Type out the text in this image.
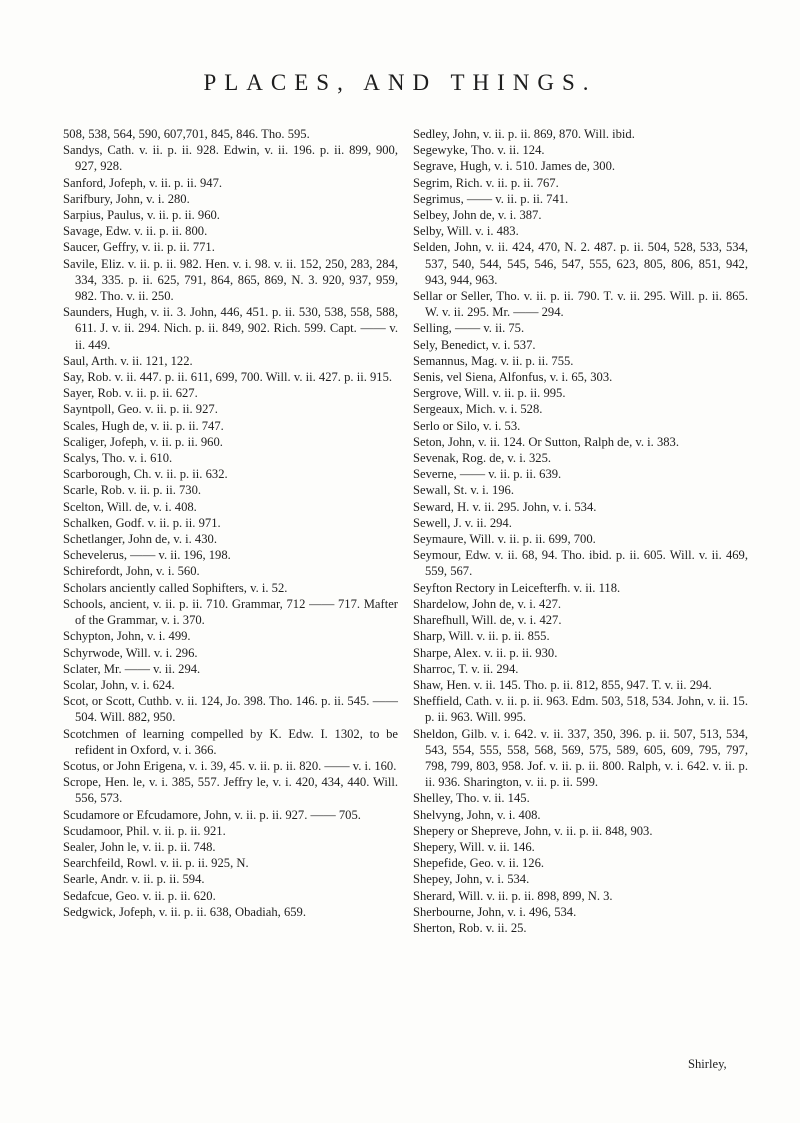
PLACES, AND THINGS.

508, 538, 564, 590, 607,701, 845, 846. Tho. 595.

Sandys, Cath. v. ii. p. ii. 928. Edwin, v. ii. 196. p. ii. 899, 900, 927, 928.

Sanford, Jofeph, v. ii. p. ii. 947.

Sarifbury, John, v. i. 280.

Sarpius, Paulus, v. ii. p. ii. 960.

Savage, Edw. v. ii. p. ii. 800.

Saucer, Geffry, v. ii. p. ii. 771.

Savile, Eliz. v. ii. p. ii. 982. Hen. v. i. 98. v. ii. 152, 250, 283, 284, 334, 335. p. ii. 625, 791, 864, 865, 869, N. 3. 920, 937, 959, 982. Tho. v. ii. 250.

Saunders, Hugh, v. ii. 3. John, 446, 451. p. ii. 530, 538, 558, 588, 611. J. v. ii. 294. Nich. p. ii. 849, 902. Rich. 599. Capt. —— v. ii. 449.

Saul, Arth. v. ii. 121, 122.

Say, Rob. v. ii. 447. p. ii. 611, 699, 700. Will. v. ii. 427. p. ii. 915.

Sayer, Rob. v. ii. p. ii. 627.

Sayntpoll, Geo. v. ii. p. ii. 927.

Scales, Hugh de, v. ii. p. ii. 747.

Scaliger, Jofeph, v. ii. p. ii. 960.

Scalys, Tho. v. i. 610.

Scarborough, Ch. v. ii. p. ii. 632.

Scarle, Rob. v. ii. p. ii. 730.

Scelton, Will. de, v. i. 408.

Schalken, Godf. v. ii. p. ii. 971.

Schetlanger, John de, v. i. 430.

Schevelerus, —— v. ii. 196, 198.

Schirefordt, John, v. i. 560.

Scholars anciently called Sophifters, v. i. 52.

Schools, ancient, v. ii. p. ii. 710. Grammar, 712 —— 717. Mafter of the Grammar, v. i. 370.

Schypton, John, v. i. 499.

Schyrwode, Will. v. i. 296.

Sclater, Mr. —— v. ii. 294.

Scolar, John, v. i. 624.

Scot, or Scott, Cuthb. v. ii. 124, Jo. 398. Tho. 146. p. ii. 545. —— 504. Will. 882, 950.

Scotchmen of learning compelled by K. Edw. I. 1302, to be refident in Oxford, v. i. 366.

Scotus, or John Erigena, v. i. 39, 45. v. ii. p. ii. 820. —— v. i. 160.

Scrope, Hen. le, v. i. 385, 557. Jeffry le, v. i. 420, 434, 440. Will. 556, 573.

Scudamore or Efcudamore, John, v. ii. p. ii. 927. —— 705.

Scudamoor, Phil. v. ii. p. ii. 921.

Sealer, John le, v. ii. p. ii. 748.

Searchfeild, Rowl. v. ii. p. ii. 925, N.

Searle, Andr. v. ii. p. ii. 594.

Sedafcue, Geo. v. ii. p. ii. 620.

Sedgwick, Jofeph, v. ii. p. ii. 638, Obadiah, 659.

Sedley, John, v. ii. p. ii. 869, 870. Will. ibid.

Segewyke, Tho. v. ii. 124.

Segrave, Hugh, v. i. 510. James de, 300.

Segrim, Rich. v. ii. p. ii. 767.

Segrimus, —— v. ii. p. ii. 741.

Selbey, John de, v. i. 387.

Selby, Will. v. i. 483.

Selden, John, v. ii. 424, 470, N. 2. 487. p. ii. 504, 528, 533, 534, 537, 540, 544, 545, 546, 547, 555, 623, 805, 806, 851, 942, 943, 944, 963.

Sellar or Seller, Tho. v. ii. p. ii. 790. T. v. ii. 295. Will. p. ii. 865. W. v. ii. 295. Mr. —— 294.

Selling, —— v. ii. 75.

Sely, Benedict, v. i. 537.

Semannus, Mag. v. ii. p. ii. 755.

Senis, vel Siena, Alfonfus, v. i. 65, 303.

Sergrove, Will. v. ii. p. ii. 995.

Sergeaux, Mich. v. i. 528.

Serlo or Silo, v. i. 53.

Seton, John, v. ii. 124. Or Sutton, Ralph de, v. i. 383.

Sevenak, Rog. de, v. i. 325.

Severne, —— v. ii. p. ii. 639.

Sewall, St. v. i. 196.

Seward, H. v. ii. 295. John, v. i. 534.

Sewell, J. v. ii. 294.

Seymaure, Will. v. ii. p. ii. 699, 700.

Seymour, Edw. v. ii. 68, 94. Tho. ibid. p. ii. 605. Will. v. ii. 469, 559, 567.

Seyfton Rectory in Leicefterfh. v. ii. 118.

Shardelow, John de, v. i. 427.

Sharefhull, Will. de, v. i. 427.

Sharp, Will. v. ii. p. ii. 855.

Sharpe, Alex. v. ii. p. ii. 930.

Sharroc, T. v. ii. 294.

Shaw, Hen. v. ii. 145. Tho. p. ii. 812, 855, 947. T. v. ii. 294.

Sheffield, Cath. v. ii. p. ii. 963. Edm. 503, 518, 534. John, v. ii. 15. p. ii. 963. Will. 995.

Sheldon, Gilb. v. i. 642. v. ii. 337, 350, 396. p. ii. 507, 513, 534, 543, 554, 555, 558, 568, 569, 575, 589, 605, 609, 795, 797, 798, 799, 803, 958. Jof. v. ii. p. ii. 800. Ralph, v. i. 642. v. ii. p. ii. 936. Sharington, v. ii. p. ii. 599.

Shelley, Tho. v. ii. 145.

Shelvyng, John, v. i. 408.

Shepery or Shepreve, John, v. ii. p. ii. 848, 903.

Shepery, Will. v. ii. 146.

Shepefide, Geo. v. ii. 126.

Shepey, John, v. i. 534.

Sherard, Will. v. ii. p. ii. 898, 899, N. 3.

Sherbourne, John, v. i. 496, 534.

Sherton, Rob. v. ii. 25.

Shirley,
